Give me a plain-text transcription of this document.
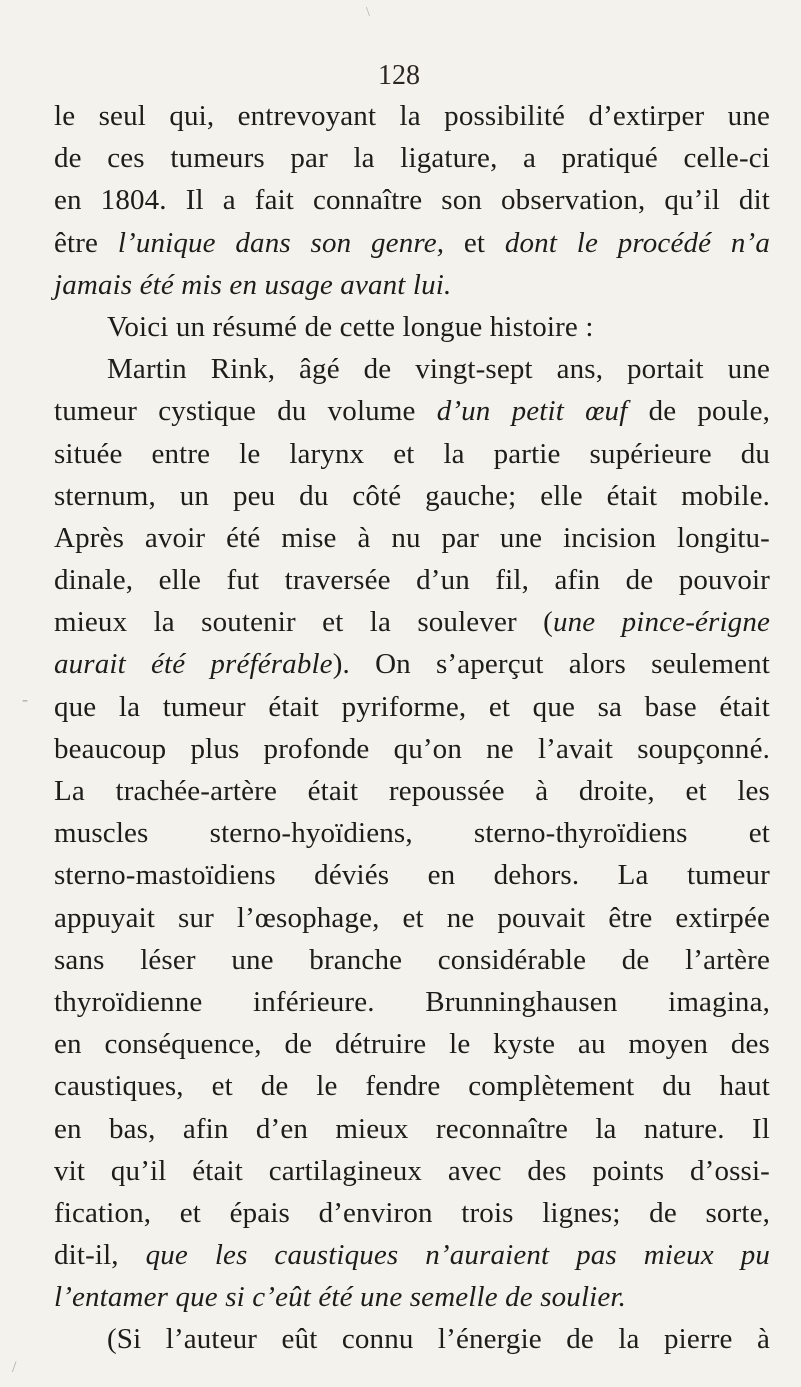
\
128
-
/
le seul qui, entrevoyant la possibilité d’extirper une
de ces tumeurs par la ligature, a pratiqué celle-ci
en 1804. Il a fait connaître son observation, qu’il dit
être l’unique dans son genre, et dont le procédé n’a
jamais été mis en usage avant lui.
Voici un résumé de cette longue histoire :
Martin Rink, âgé de vingt-sept ans, portait une
tumeur cystique du volume d’un petit œuf de poule,
située entre le larynx et la partie supérieure du
sternum, un peu du côté gauche; elle était mobile.
Après avoir été mise à nu par une incision longitu-
dinale, elle fut traversée d’un fil, afin de pouvoir
mieux la soutenir et la soulever (une pince-érigne
aurait été préférable). On s’aperçut alors seulement
que la tumeur était pyriforme, et que sa base était
beaucoup plus profonde qu’on ne l’avait soupçonné.
La trachée-artère était repoussée à droite, et les
muscles sterno-hyoïdiens, sterno-thyroïdiens et
sterno-mastoïdiens déviés en dehors. La tumeur
appuyait sur l’œsophage, et ne pouvait être extirpée
sans léser une branche considérable de l’artère
thyroïdienne inférieure. Brunninghausen imagina,
en conséquence, de détruire le kyste au moyen des
caustiques, et de le fendre complètement du haut
en bas, afin d’en mieux reconnaître la nature. Il
vit qu’il était cartilagineux avec des points d’ossi-
fication, et épais d’environ trois lignes; de sorte,
dit-il, que les caustiques n’auraient pas mieux pu
l’entamer que si c’eût été une semelle de soulier.
(Si l’auteur eût connu l’énergie de la pierre à
